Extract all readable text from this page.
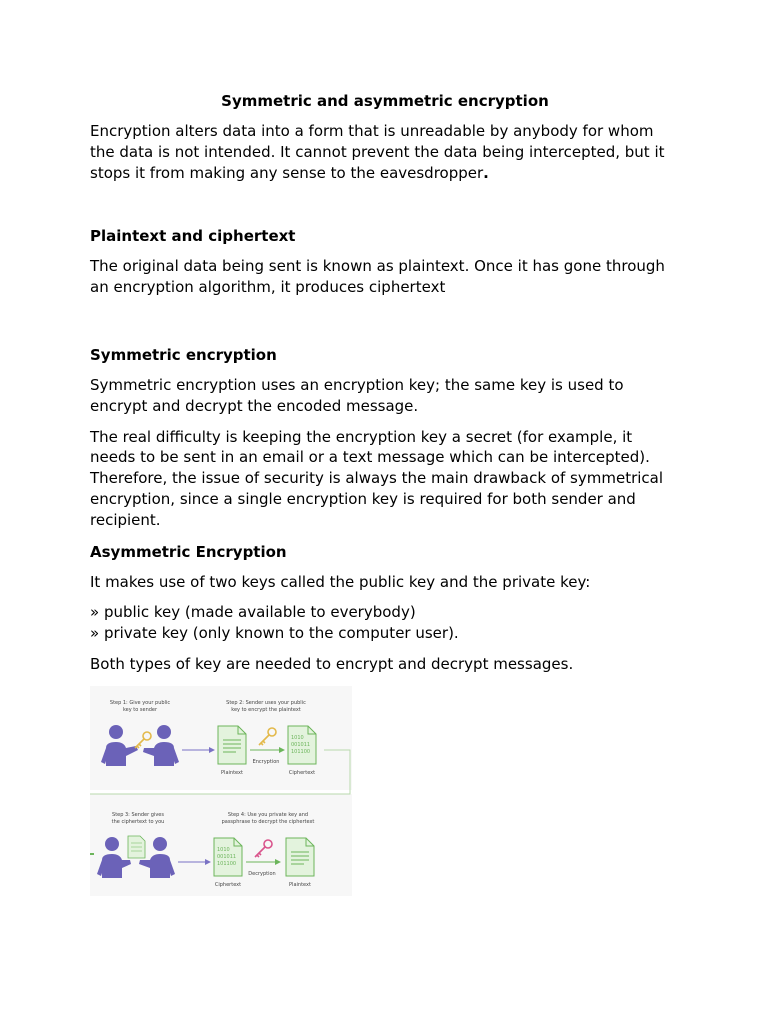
Symmetric and asymmetric encryption

Encryption alters data into a form that is unreadable by anybody for whom the data is not intended. It cannot prevent the data being intercepted, but it stops it from making any sense to the eavesdropper.

Plaintext and ciphertext

The original data being sent is known as plaintext. Once it has gone through an encryption algorithm, it produces ciphertext

Symmetric encryption

Symmetric encryption uses an encryption key; the same key is used to encrypt and decrypt the encoded message.

The real difficulty is keeping the encryption key a secret (for example, it needs to be sent in an email or a text message which can be intercepted). Therefore, the issue of security is always the main drawback of symmetrical encryption, since a single encryption key is required for both sender and recipient.

Asymmetric Encryption

It makes use of two keys called the public key and the private key:

» public key (made available to everybody)
» private key (only known to the computer user).

Both types of key are needed to encrypt and decrypt messages.

Step 1: Give your public
key to sender
Step 2: Sender uses your public
key to encrypt the plaintext
Plaintext
Encryption
1010
001011
101100
Ciphertext
Step 3: Sender gives
the ciphertext to you
Step 4: Use you private key and
passphrase to decrypt the ciphertext
1010
001011
101100
Ciphertext
Decryption
Plaintext
